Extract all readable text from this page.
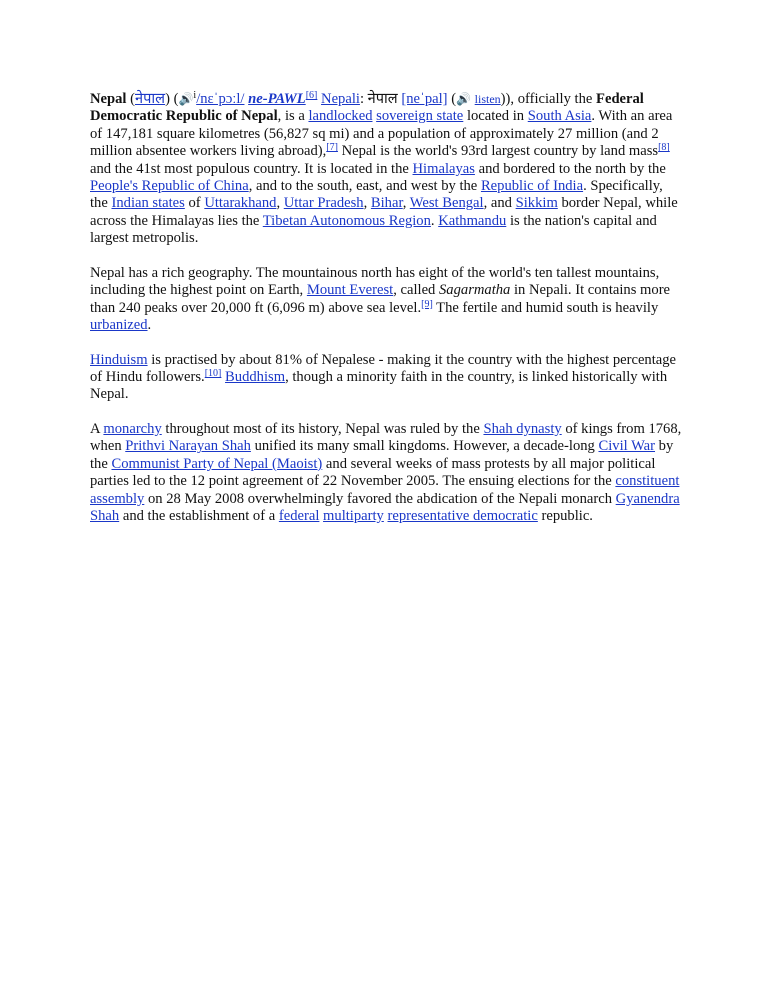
Nepal (नेपाल) (🔊$^i$/nɛˈpɔːl/ ne-PAWL[6] Nepali: नेपाल [neˈpal] (🔊 listen)), officially the Federal Democratic Republic of Nepal, is a landlocked sovereign state located in South Asia. With an area of 147,181 square kilometres (56,827 sq mi) and a population of approximately 27 million (and 2 million absentee workers living abroad),[7] Nepal is the world's 93rd largest country by land mass[8] and the 41st most populous country. It is located in the Himalayas and bordered to the north by the People's Republic of China, and to the south, east, and west by the Republic of India. Specifically, the Indian states of Uttarakhand, Uttar Pradesh, Bihar, West Bengal, and Sikkim border Nepal, while across the Himalayas lies the Tibetan Autonomous Region. Kathmandu is the nation's capital and largest metropolis.

Nepal has a rich geography. The mountainous north has eight of the world's ten tallest mountains, including the highest point on Earth, Mount Everest, called Sagarmatha in Nepali. It contains more than 240 peaks over 20,000 ft (6,096 m) above sea level.[9] The fertile and humid south is heavily urbanized.

Hinduism is practised by about 81% of Nepalese - making it the country with the highest percentage of Hindu followers.[10] Buddhism, though a minority faith in the country, is linked historically with Nepal.

A monarchy throughout most of its history, Nepal was ruled by the Shah dynasty of kings from 1768, when Prithvi Narayan Shah unified its many small kingdoms. However, a decade-long Civil War by the Communist Party of Nepal (Maoist) and several weeks of mass protests by all major political parties led to the 12 point agreement of 22 November 2005. The ensuing elections for the constituent assembly on 28 May 2008 overwhelmingly favored the abdication of the Nepali monarch Gyanendra Shah and the establishment of a federal multiparty representative democratic republic.
